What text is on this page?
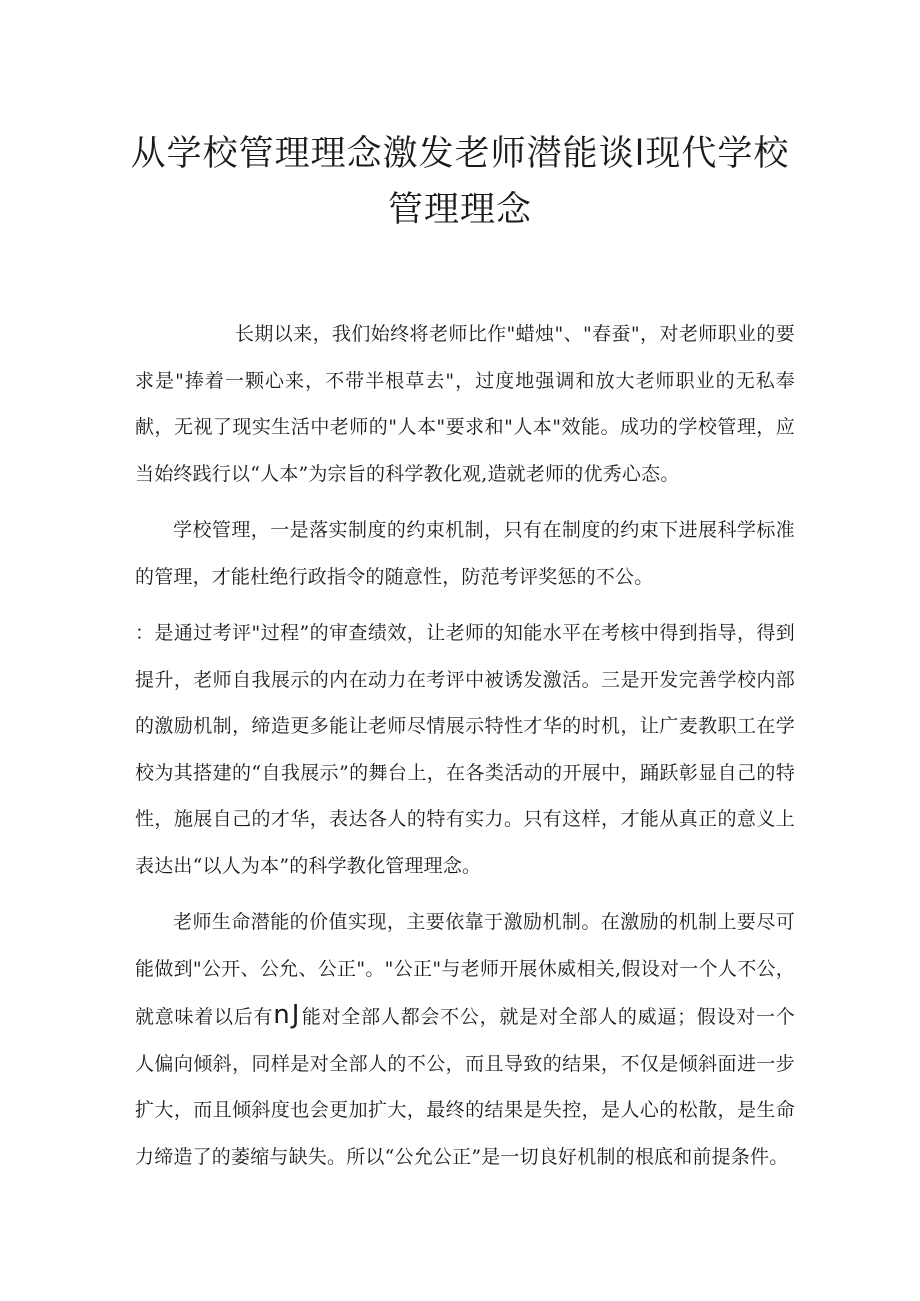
从学校管理理念激发老师潜能谈l现代学校
管理理念

长期以来，我们始终将老师比作"蜡烛"、"春蚕"，对老师职业的要求是"捧着一颗心来，不带半根草去"，过度地强调和放大老师职业的无私奉献，无视了现实生活中老师的"人本"要求和"人本"效能。成功的学校管理，应当始终践行以“人本”为宗旨的科学教化观,造就老师的优秀心态。

学校管理，一是落实制度的约束机制，只有在制度的约束下进展科学标准的管理，才能杜绝行政指令的随意性，防范考评奖惩的不公。

：是通过考评"过程”的审查绩效，让老师的知能水平在考核中得到指导，得到提升，老师自我展示的内在动力在考评中被诱发激活。三是开发完善学校内部的激励机制，缔造更多能让老师尽情展示特性才华的时机，让广麦教职工在学校为其搭建的“自我展示”的舞台上，在各类活动的开展中，踊跃彰显自己的特性，施展自己的才华，表达各人的特有实力。只有这样，才能从真正的意义上表达出“以人为本”的科学教化管理理念。

老师生命潜能的价值实现，主要依靠于激励机制。在激励的机制上要尽可能做到"公开、公允、公正"。"公正"与老师开展休威相关,假设对一个人不公，就意味着以后有nJ能对全部人都会不公，就是对全部人的威逼；假设对一个人偏向倾斜，同样是对全部人的不公，而且导致的结果，不仅是倾斜面进一步扩大，而且倾斜度也会更加扩大，最终的结果是失控，是人心的松散，是生命力缔造了的萎缩与缺失。所以“公允公正”是一切良好机制的根底和前提条件。
